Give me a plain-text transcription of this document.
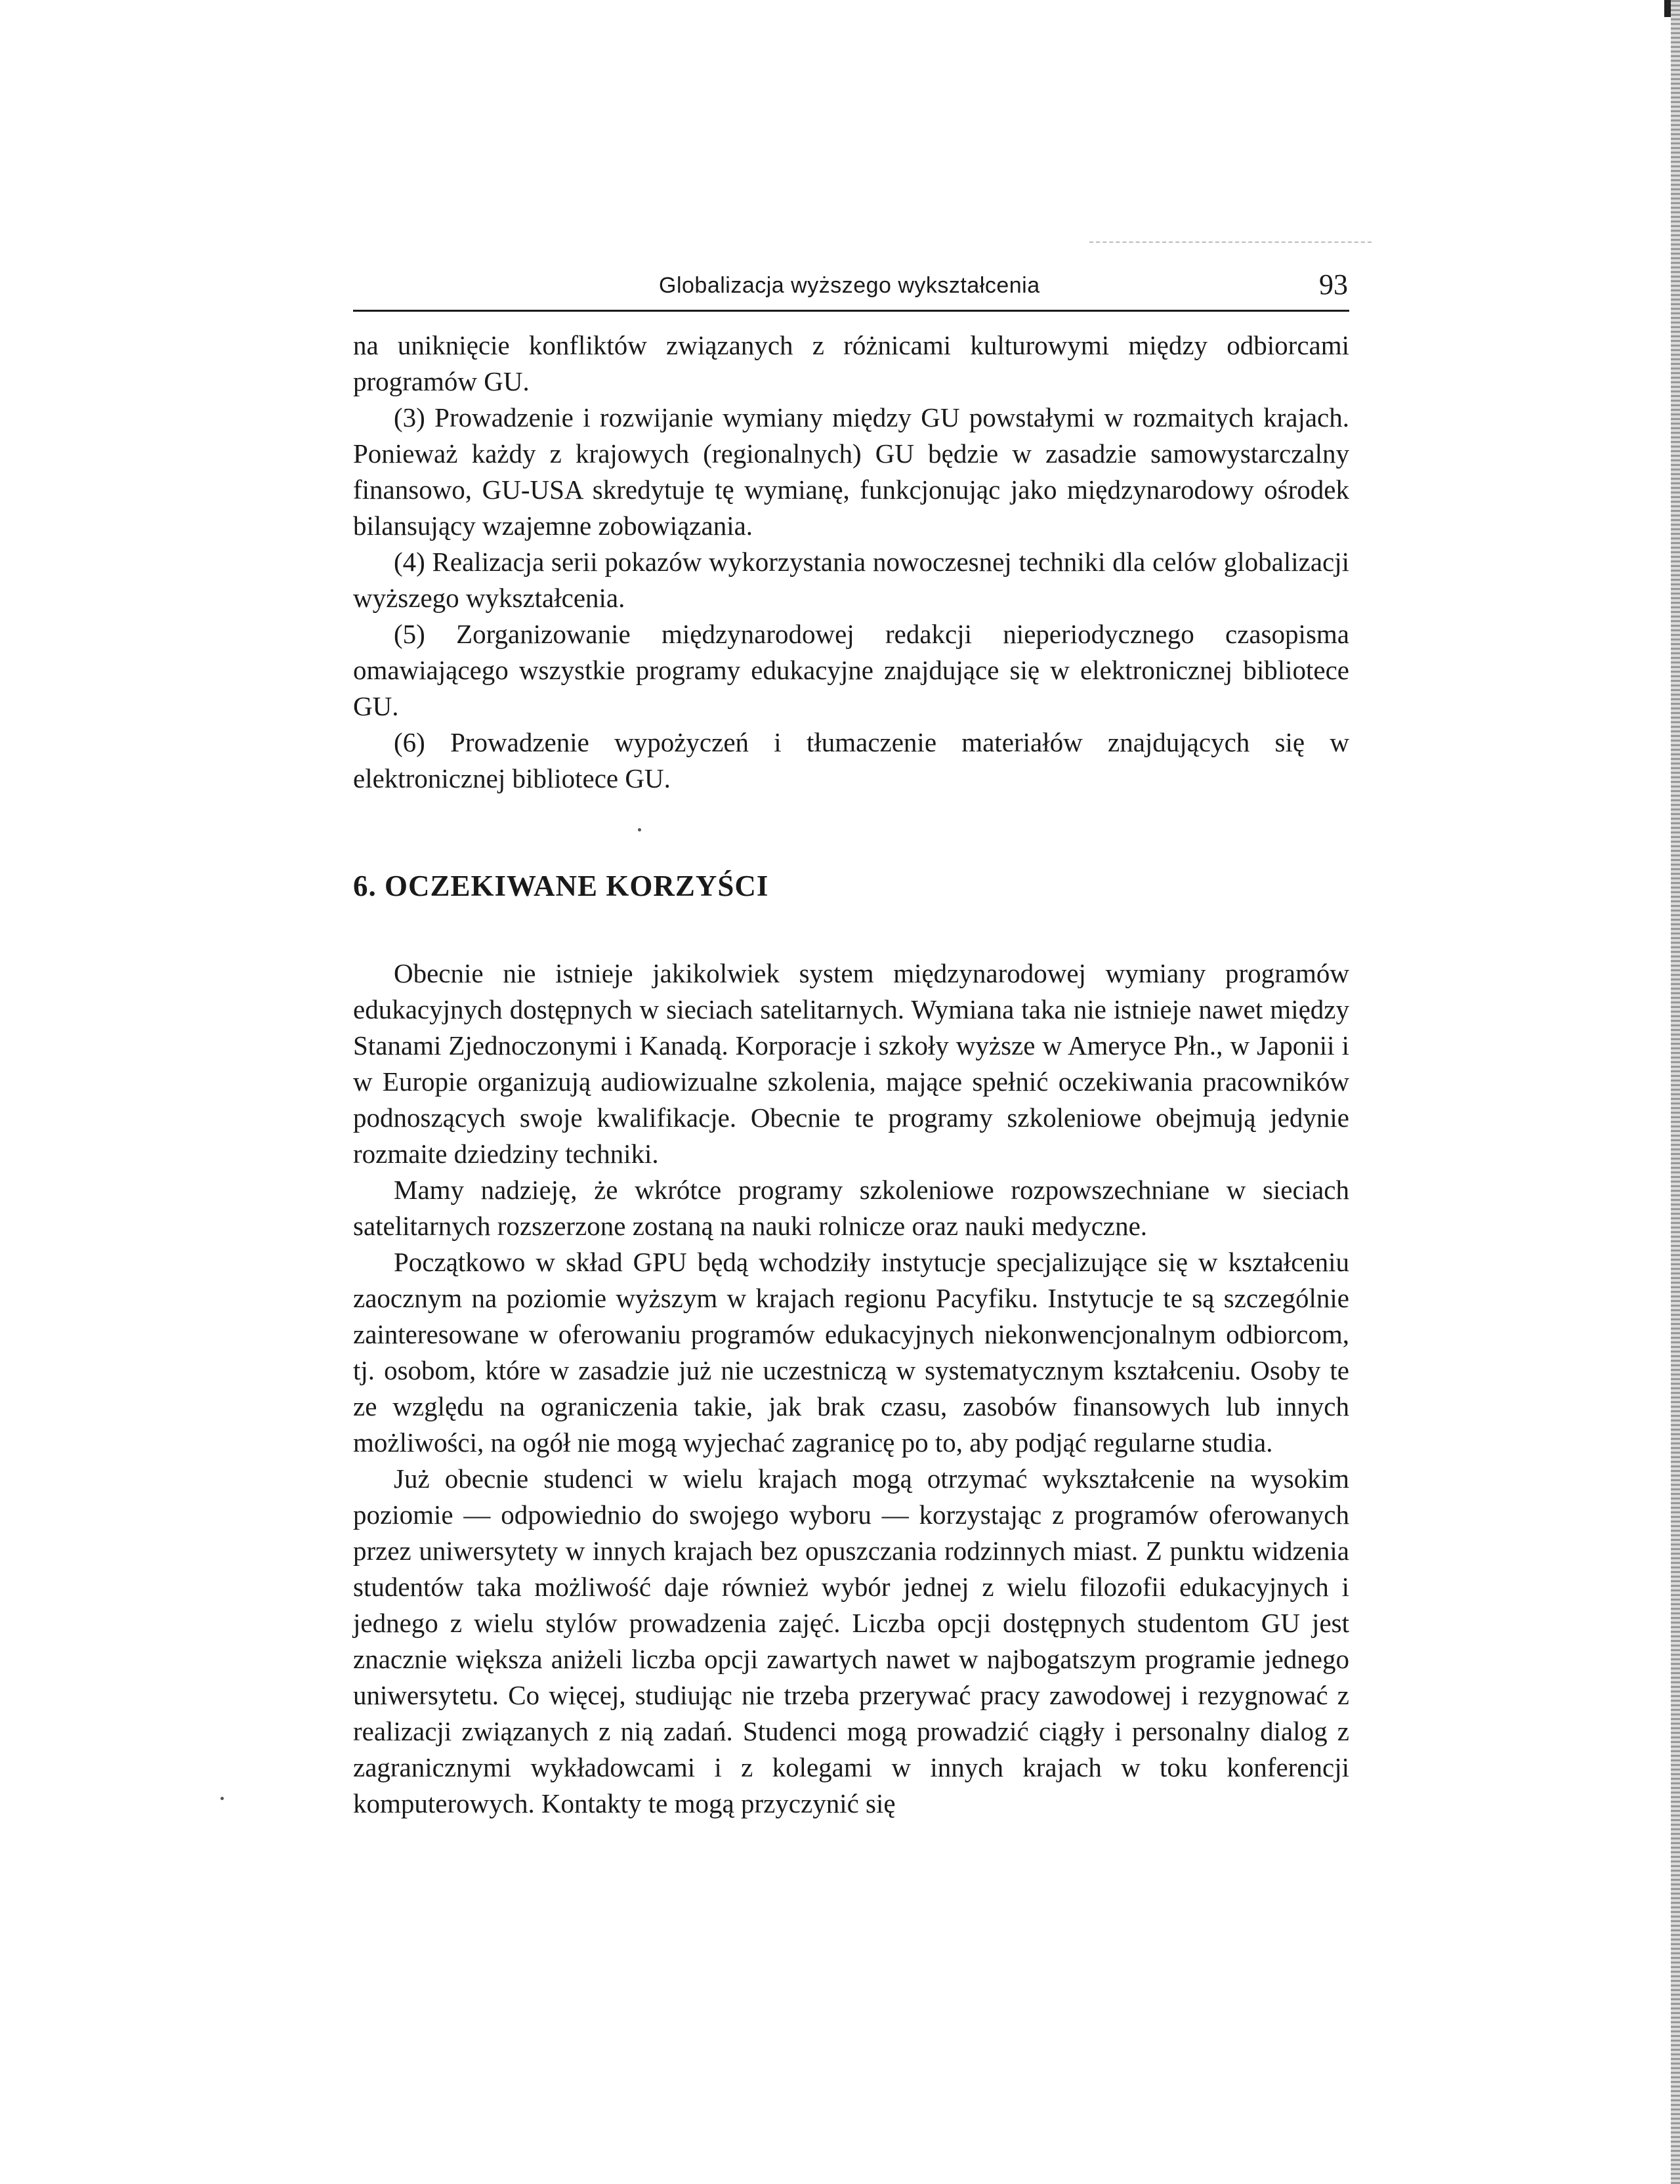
Globalizacja wyższego wykształcenia	93

na uniknięcie konfliktów związanych z różnicami kulturowymi między odbiorcami programów GU.

(3) Prowadzenie i rozwijanie wymiany między GU powstałymi w rozmaitych krajach. Ponieważ każdy z krajowych (regionalnych) GU będzie w zasadzie samowystarczalny finansowo, GU-USA skredytuje tę wymianę, funkcjonując jako międzynarodowy ośrodek bilansujący wzajemne zobowiązania.

(4) Realizacja serii pokazów wykorzystania nowoczesnej techniki dla celów globalizacji wyższego wykształcenia.

(5) Zorganizowanie międzynarodowej redakcji nieperiodycznego czasopisma omawiającego wszystkie programy edukacyjne znajdujące się w elektronicznej bibliotece GU.

(6) Prowadzenie wypożyczeń i tłumaczenie materiałów znajdujących się w elektronicznej bibliotece GU.

6. OCZEKIWANE KORZYŚCI

Obecnie nie istnieje jakikolwiek system międzynarodowej wymiany programów edukacyjnych dostępnych w sieciach satelitarnych. Wymiana taka nie istnieje nawet między Stanami Zjednoczonymi i Kanadą. Korporacje i szkoły wyższe w Ameryce Płn., w Japonii i w Europie organizują audiowizualne szkolenia, mające spełnić oczekiwania pracowników podnoszących swoje kwalifikacje. Obecnie te programy szkoleniowe obejmują jedynie rozmaite dziedziny techniki.

Mamy nadzieję, że wkrótce programy szkoleniowe rozpowszechniane w sieciach satelitarnych rozszerzone zostaną na nauki rolnicze oraz nauki medyczne.

Początkowo w skład GPU będą wchodziły instytucje specjalizujące się w kształceniu zaocznym na poziomie wyższym w krajach regionu Pacyfiku. Instytucje te są szczególnie zainteresowane w oferowaniu programów edukacyjnych niekonwencjonalnym odbiorcom, tj. osobom, które w zasadzie już nie uczestniczą w systematycznym kształceniu. Osoby te ze względu na ograniczenia takie, jak brak czasu, zasobów finansowych lub innych możliwości, na ogół nie mogą wyjechać zagranicę po to, aby podjąć regularne studia.

Już obecnie studenci w wielu krajach mogą otrzymać wykształcenie na wysokim poziomie — odpowiednio do swojego wyboru — korzystając z programów oferowanych przez uniwersytety w innych krajach bez opuszczania rodzinnych miast. Z punktu widzenia studentów taka możliwość daje również wybór jednej z wielu filozofii edukacyjnych i jednego z wielu stylów prowadzenia zajęć. Liczba opcji dostępnych studentom GU jest znacznie większa aniżeli liczba opcji zawartych nawet w najbogatszym programie jednego uniwersytetu. Co więcej, studiując nie trzeba przerywać pracy zawodowej i rezygnować z realizacji związanych z nią zadań. Studenci mogą prowadzić ciągły i personalny dialog z zagranicznymi wykładowcami i z kolegami w innych krajach w toku konferencji komputerowych. Kontakty te mogą przyczynić się
